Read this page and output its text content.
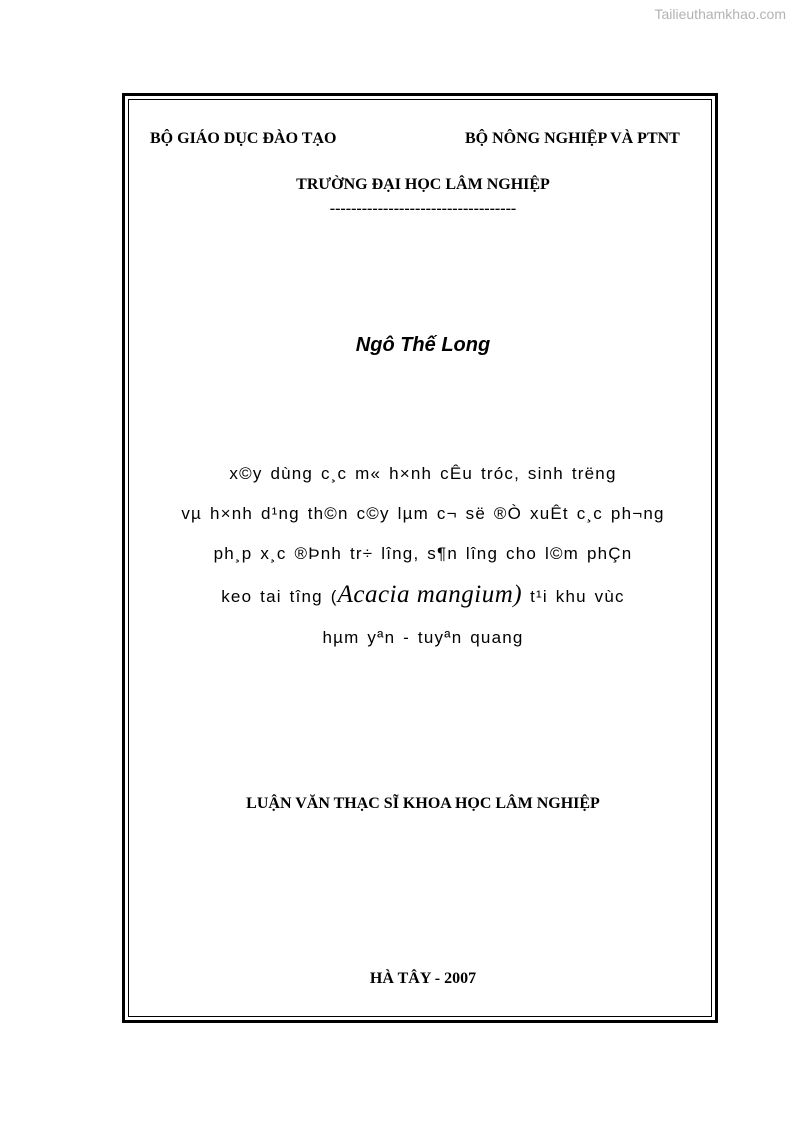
Tailieuthamkhao.com
BỘ GIÁO DỤC ĐÀO TẠO	BỘ NÔNG NGHIỆP VÀ PTNT
TRƯỜNG ĐẠI HỌC LÂM NGHIỆP
-----------------------------------
Ngô Thế Long
x©y dùng c¸c m« h×nh cÊu tróc, sinh trëng
vµ h×nh d¹ng th©n c©y lµm c¬ së ®Ò xuÊt c¸c ph¬ng
ph¸p x¸c ®Þnh tr÷ lîng, s¶n lîng cho l©m phÇn
keo tai tîng (Acacia mangium) t¹i khu vùc
hµm yªn - tuyªn quang
LUẬN VĂN THẠC SĨ KHOA HỌC LÂM NGHIỆP
HÀ TÂY - 2007
